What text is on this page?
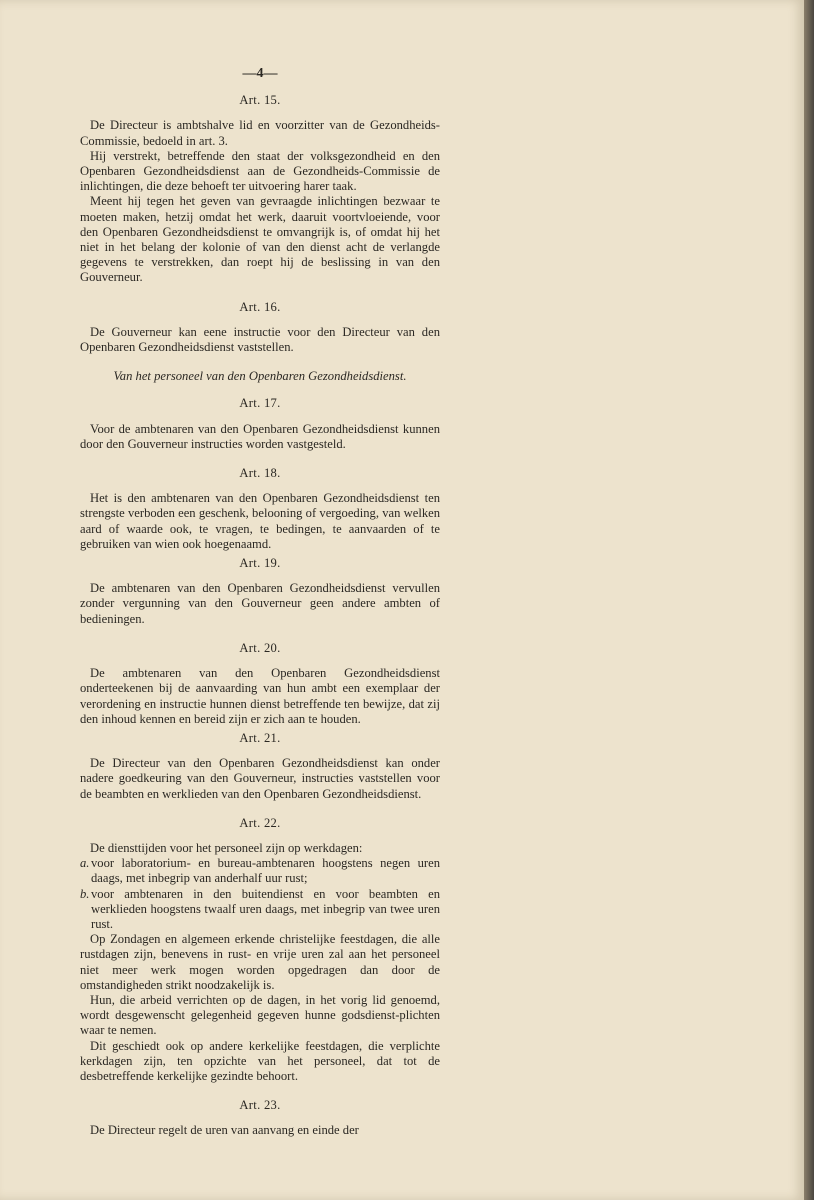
—4—
Art. 15.

De Directeur is ambtshalve lid en voorzitter van de Gezondheids-Commissie, bedoeld in art. 3.

Hij verstrekt, betreffende den staat der volksgezondheid en den Openbaren Gezondheidsdienst aan de Gezondheids-Commissie de inlichtingen, die deze behoeft ter uitvoering harer taak.

Meent hij tegen het geven van gevraagde inlichtingen bezwaar te moeten maken, hetzij omdat het werk, daaruit voortvloeiende, voor den Openbaren Gezondheidsdienst te omvangrijk is, of omdat hij het niet in het belang der kolonie of van den dienst acht de verlangde gegevens te verstrekken, dan roept hij de beslissing in van den Gouverneur.

Art. 16.

De Gouverneur kan eene instructie voor den Directeur van den Openbaren Gezondheidsdienst vaststellen.

Van het personeel van den Openbaren Gezondheidsdienst.
Art. 17.

Voor de ambtenaren van den Openbaren Gezondheidsdienst kunnen door den Gouverneur instructies worden vastgesteld.

Art. 18.

Het is den ambtenaren van den Openbaren Gezondheidsdienst ten strengste verboden een geschenk, belooning of vergoeding, van welken aard of waarde ook, te vragen, te bedingen, te aanvaarden of te gebruiken van wien ook hoegenaamd.

Art. 19.

De ambtenaren van den Openbaren Gezondheidsdienst vervullen zonder vergunning van den Gouverneur geen andere ambten of bedieningen.

Art. 20.

De ambtenaren van den Openbaren Gezondheidsdienst onderteekenen bij de aanvaarding van hun ambt een exemplaar der verordening en instructie hunnen dienst betreffende ten bewijze, dat zij den inhoud kennen en bereid zijn er zich aan te houden.

Art. 21.

De Directeur van den Openbaren Gezondheidsdienst kan onder nadere goedkeuring van den Gouverneur, instructies vaststellen voor de beambten en werklieden van den Openbaren Gezondheidsdienst.

Art. 22.

De diensttijden voor het personeel zijn op werkdagen:

a. voor laboratorium- en bureau-ambtenaren hoogstens negen uren daags, met inbegrip van anderhalf uur rust;
b. voor ambtenaren in den buitendienst en voor beambten en werklieden hoogstens twaalf uren daags, met inbegrip van twee uren rust.

Op Zondagen en algemeen erkende christelijke feestdagen, die alle rustdagen zijn, benevens in rust- en vrije uren zal aan het personeel niet meer werk mogen worden opgedragen dan door de omstandigheden strikt noodzakelijk is.

Hun, die arbeid verrichten op de dagen, in het vorig lid genoemd, wordt desgewenscht gelegenheid gegeven hunne godsdienst-plichten waar te nemen.

Dit geschiedt ook op andere kerkelijke feestdagen, die verplichte kerkdagen zijn, ten opzichte van het personeel, dat tot de desbetreffende kerkelijke gezindte behoort.

Art. 23.

De Directeur regelt de uren van aanvang en einde der
